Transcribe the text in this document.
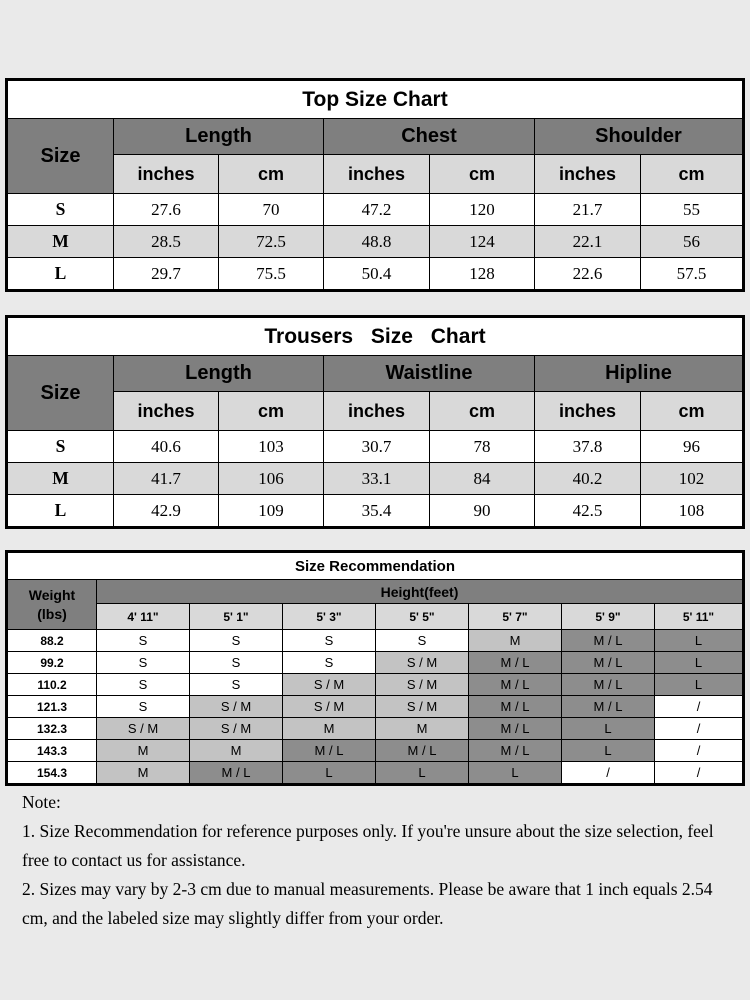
Top Size Chart						
Size	Length		Chest		Shoulder	
	inches	cm	inches	cm	inches	cm
S	27.6	70	47.2	120	21.7	55
M	28.5	72.5	48.8	124	22.1	56
L	29.7	75.5	50.4	128	22.6	57.5
Trousers Size Chart						
Size	Length		Waistline		Hipline	
	inches	cm	inches	cm	inches	cm
S	40.6	103	30.7	78	37.8	96
M	41.7	106	33.1	84	40.2	102
L	42.9	109	35.4	90	42.5	108
Size Recommendation							

Weight
(lbs)	Height(feet)						
	4' 11"	5' 1"	5' 3"	5' 5"	5' 7"	5' 9"	5' 11"
88.2	S	S	S	S	M	M / L	L
99.2	S	S	S	S / M	M / L	M / L	L
110.2	S	S	S / M	S / M	M / L	M / L	L
121.3	S	S / M	S / M	S / M	M / L	M / L	/
132.3	S / M	S / M	M	M	M / L	L	/
143.3	M	M	M / L	M / L	M / L	L	/
154.3	M	M / L	L	L	L	/	/

Note:

1. Size Recommendation for reference purposes only. If you're unsure about the size selection, feel free to contact us for assistance.

2. Sizes may vary by 2-3 cm due to manual measurements. Please be aware that 1 inch equals 2.54 cm, and the labeled size may slightly differ from your order.
